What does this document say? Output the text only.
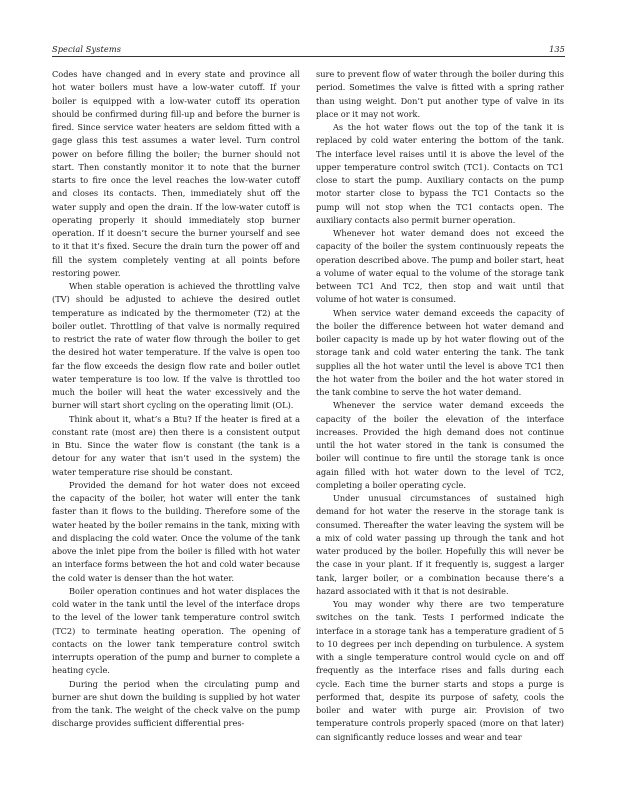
Special Systems	135

Codes have changed and in every state and province all hot water boilers must have a low-water cutoff. If your boiler is equipped with a low-water cutoff its operation should be confirmed during fill-up and before the burner is fired. Since service water heaters are seldom fitted with a gage glass this test assumes a water level. Turn control power on before filling the boiler; the burner should not start. Then constantly monitor it to note that the burner starts to fire once the level reaches the low-water cutoff and closes its contacts. Then, immediately shut off the water supply and open the drain. If the low-water cutoff is operating properly it should immediately stop burner operation. If it doesn’t secure the burner yourself and see to it that it’s fixed. Secure the drain turn the power off and fill the system completely venting at all points before restoring power.

When stable operation is achieved the throttling valve (TV) should be adjusted to achieve the desired outlet temperature as indicated by the thermometer (T2) at the boiler outlet. Throttling of that valve is normally required to restrict the rate of water flow through the boiler to get the desired hot water temperature. If the valve is open too far the flow exceeds the design flow rate and boiler outlet water temperature is too low. If the valve is throttled too much the boiler will heat the water excessively and the burner will start short cycling on the operating limit (OL).

Think about it, what’s a Btu? If the heater is fired at a constant rate (most are) then there is a consistent output in Btu. Since the water flow is constant (the tank is a detour for any water that isn’t used in the system) the water temperature rise should be constant.

Provided the demand for hot water does not exceed the capacity of the boiler, hot water will enter the tank faster than it flows to the building. Therefore some of the water heated by the boiler remains in the tank, mixing with and displacing the cold water. Once the volume of the tank above the inlet pipe from the boiler is filled with hot water an interface forms between the hot and cold water because the cold water is denser than the hot water.

Boiler operation continues and hot water displaces the cold water in the tank until the level of the interface drops to the level of the lower tank temperature control switch (TC2) to terminate heating operation. The opening of contacts on the lower tank temperature control switch interrupts operation of the pump and burner to complete a heating cycle.

During the period when the circulating pump and burner are shut down the building is supplied by hot water from the tank. The weight of the check valve on the pump discharge provides sufficient differential pres-

sure to prevent flow of water through the boiler during this period. Sometimes the valve is fitted with a spring rather than using weight. Don’t put another type of valve in its place or it may not work.

As the hot water flows out the top of the tank it is replaced by cold water entering the bottom of the tank. The interface level raises until it is above the level of the upper temperature control switch (TC1). Contacts on TC1 close to start the pump. Auxiliary contacts on the pump motor starter close to bypass the TC1 Contacts so the pump will not stop when the TC1 contacts open. The auxiliary contacts also permit burner operation.

Whenever hot water demand does not exceed the capacity of the boiler the system continuously repeats the operation described above. The pump and boiler start, heat a volume of water equal to the volume of the storage tank between TC1 And TC2, then stop and wait until that volume of hot water is consumed.

When service water demand exceeds the capacity of the boiler the difference between hot water demand and boiler capacity is made up by hot water flowing out of the storage tank and cold water entering the tank. The tank supplies all the hot water until the level is above TC1 then the hot water from the boiler and the hot water stored in the tank combine to serve the hot water demand.

Whenever the service water demand exceeds the capacity of the boiler the elevation of the interface increases. Provided the high demand does not continue until the hot water stored in the tank is consumed the boiler will continue to fire until the storage tank is once again filled with hot water down to the level of TC2, completing a boiler operating cycle.

Under unusual circumstances of sustained high demand for hot water the reserve in the storage tank is consumed. Thereafter the water leaving the system will be a mix of cold water passing up through the tank and hot water produced by the boiler. Hopefully this will never be the case in your plant. If it frequently is, suggest a larger tank, larger boiler, or a combination because there’s a hazard associated with it that is not desirable.

You may wonder why there are two temperature switches on the tank. Tests I performed indicate the interface in a storage tank has a temperature gradient of 5 to 10 degrees per inch depending on turbulence. A system with a single temperature control would cycle on and off frequently as the interface rises and falls during each cycle. Each time the burner starts and stops a purge is performed that, despite its purpose of safety, cools the boiler and water with purge air. Provision of two temperature controls properly spaced (more on that later) can significantly reduce losses and wear and tear
